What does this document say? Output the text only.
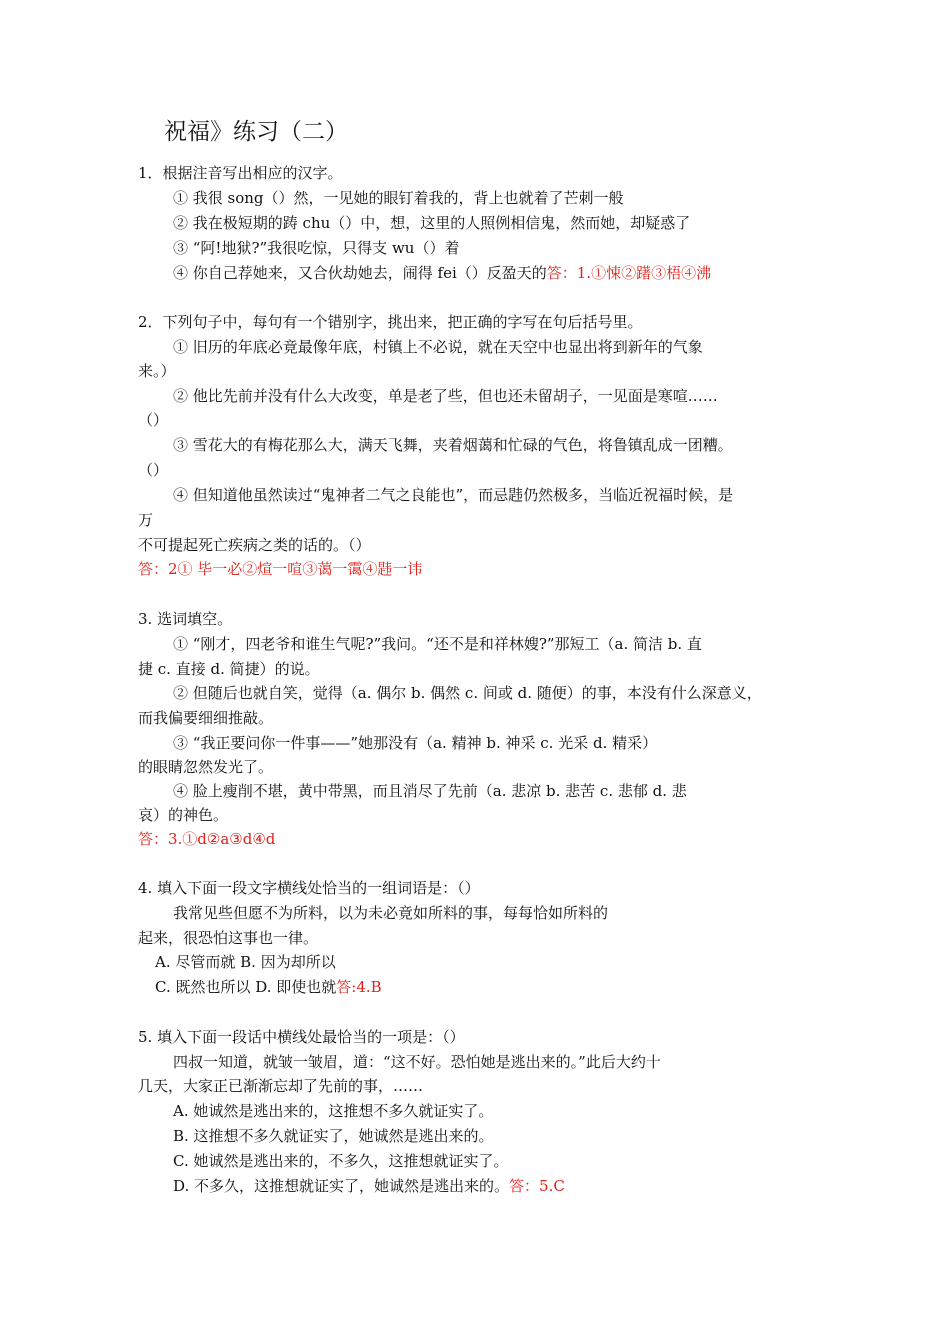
祝福》练习（二）
1．根据注音写出相应的汉字。
① 我很 song（）然，一见她的眼钉着我的，背上也就着了芒刺一般
② 我在极短期的踌 chu（）中，想，这里的人照例相信鬼，然而她，却疑惑了
③ “阿!地狱?”我很吃惊，只得支 wu（）着
④ 你自己荐她来，又合伙劫她去，闹得 fei（）反盈天的答：1.①悚②躇③梧④沸
2．下列句子中，每句有一个错别字，挑出来，把正确的字写在句后括号里。
① 旧历的年底必竟最像年底，村镇上不必说，就在天空中也显出将到新年的气象
来。）
② 他比先前并没有什么大改变，单是老了些，但也还未留胡子，一见面是寒喧……
（）
③ 雪花大的有梅花那么大，满天飞舞，夹着烟蔼和忙碌的气色，将鲁镇乱成一团糟。
（）
④ 但知道他虽然读过“鬼神者二气之良能也”，而忌韪仍然极多，当临近祝福时候，是
万
不可提起死亡疾病之类的话的。（）
答：2① 毕一必②煊一喧③蔼一霭④韪一讳
3. 选词填空。
① “刚才，四老爷和谁生气呢?”我问。“还不是和祥林嫂?”那短工（a. 简洁 b. 直
捷 c. 直接 d. 简捷）的说。
② 但随后也就自笑，觉得（a. 偶尔 b. 偶然 c. 间或 d. 随便）的事，本没有什么深意义，
而我偏要细细推敲。
③ “我正要问你一件事——”她那没有（a. 精神 b. 神采 c. 光采 d. 精采）
的眼睛忽然发光了。
④ 脸上瘦削不堪，黄中带黑，而且消尽了先前（a. 悲凉 b. 悲苦 c. 悲郁 d. 悲
哀）的神色。
答：3.①d②a③d④d
4. 填入下面一段文字横线处恰当的一组词语是：（）
我常见些但愿不为所料，以为未必竟如所料的事，每每恰如所料的
起来，很恐怕这事也一律。
A. 尽管而就 B. 因为却所以
C. 既然也所以 D. 即使也就答:4.B
5. 填入下面一段话中横线处最恰当的一项是：（）
四叔一知道，就皱一皱眉，道：“这不好。恐怕她是逃出来的。”此后大约十
几天，大家正已渐渐忘却了先前的事，……
A. 她诚然是逃出来的，这推想不多久就证实了。
B. 这推想不多久就证实了，她诚然是逃出来的。
C. 她诚然是逃出来的，不多久，这推想就证实了。
D. 不多久，这推想就证实了，她诚然是逃出来的。答：5.C
